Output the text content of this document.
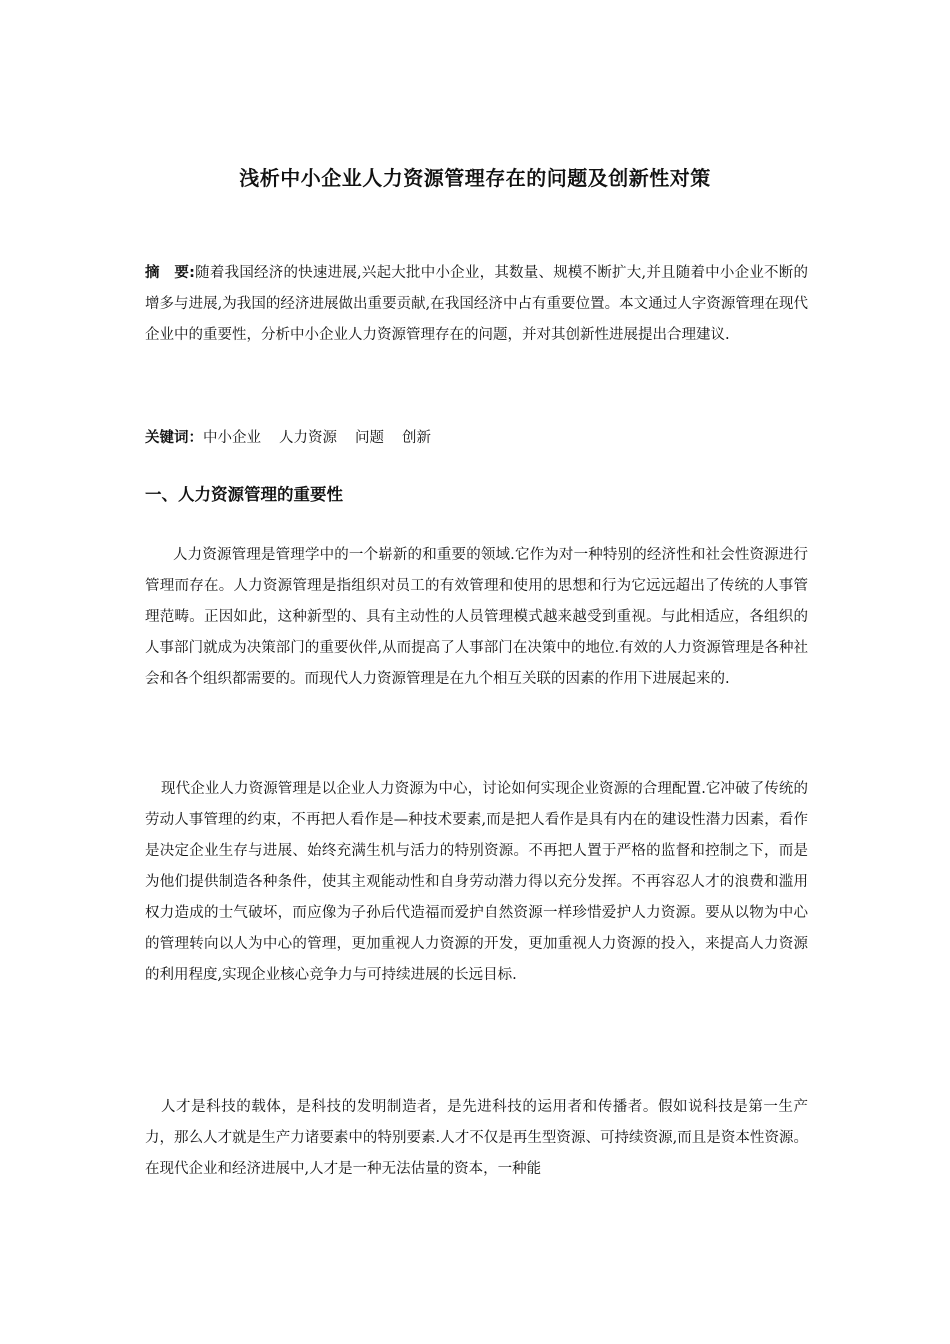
浅析中小企业人力资源管理存在的问题及创新性对策
摘　要:随着我国经济的快速进展,兴起大批中小企业，其数量、规模不断扩大,并且随着中小企业不断的增多与进展,为我国的经济进展做出重要贡献,在我国经济中占有重要位置。本文通过人字资源管理在现代企业中的重要性，分析中小企业人力资源管理存在的问题，并对其创新性进展提出合理建议.
关键词：中小企业 人力资源 问题 创新
一、人力资源管理的重要性

人力资源管理是管理学中的一个崭新的和重要的领域.它作为对一种特别的经济性和社会性资源进行管理而存在。人力资源管理是指组织对员工的有效管理和使用的思想和行为它远远超出了传统的人事管理范畴。正因如此，这种新型的、具有主动性的人员管理模式越来越受到重视。与此相适应，各组织的人事部门就成为决策部门的重要伙伴,从而提高了人事部门在决策中的地位.有效的人力资源管理是各种社会和各个组织都需要的。而现代人力资源管理是在九个相互关联的因素的作用下进展起来的.

现代企业人力资源管理是以企业人力资源为中心，讨论如何实现企业资源的合理配置.它冲破了传统的劳动人事管理的约束，不再把人看作是—种技术要素,而是把人看作是具有内在的建设性潜力因素，看作是决定企业生存与进展、始终充满生机与活力的特别资源。不再把人置于严格的监督和控制之下，而是为他们提供制造各种条件，使其主观能动性和自身劳动潜力得以充分发挥。不再容忍人才的浪费和滥用权力造成的士气破坏，而应像为子孙后代造福而爱护自然资源一样珍惜爱护人力资源。要从以物为中心的管理转向以人为中心的管理，更加重视人力资源的开发，更加重视人力资源的投入，来提高人力资源的利用程度,实现企业核心竞争力与可持续进展的长远目标.

人才是科技的载体，是科技的发明制造者，是先进科技的运用者和传播者。假如说科技是第一生产力，那么人才就是生产力诸要素中的特别要素.人才不仅是再生型资源、可持续资源,而且是资本性资源。在现代企业和经济进展中,人才是一种无法估量的资本，一种能
